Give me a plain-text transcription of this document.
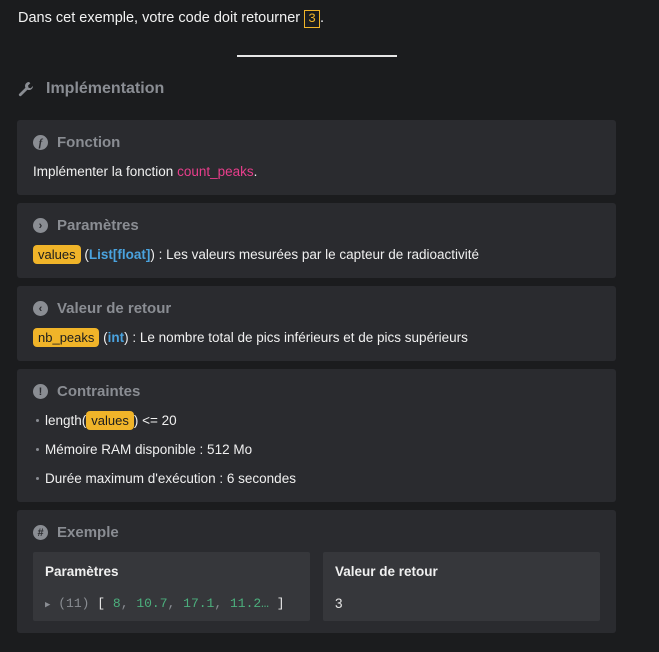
Dans cet exemple, votre code doit retourner 3 .
Implémentation
f Fonction
Implémenter la fonction count_peaks.
› Paramètres
values (List[float]) : Les valeurs mesurées par le capteur de radioactivité
‹ Valeur de retour
nb_peaks (int) : Le nombre total de pics inférieurs et de pics supérieurs
! Contraintes
length( values ) <= 20
Mémoire RAM disponible : 512 Mo
Durée maximum d'exécution : 6 secondes
# Exemple
Paramètres
▶ (11) [ 8, 10.7, 17.1, 11.2… ]
Valeur de retour
3
